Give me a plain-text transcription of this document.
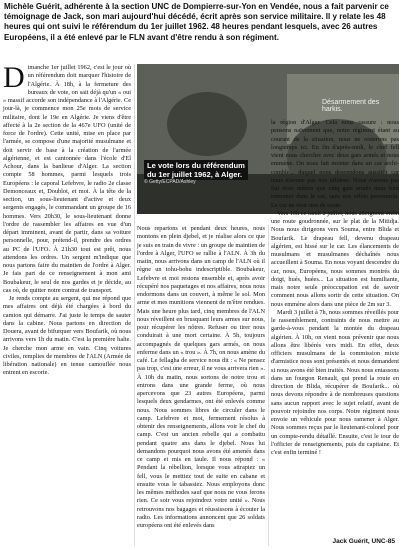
Michèle Guérit, adhérente à la section UNC de Dompierre-sur-Yon en Vendée, nous a fait parvenir ce témoignage de Jack, son mari aujourd'hui décédé, écrit après son service militaire. Il y relate les 48 heures qui ont suivi le référendum du 1er juillet 1962. 48 heures pendant lesquels, avec 26 autres Européens, il a été enlevé par le FLN avant d'être rendu à son régiment.
Désarmement des harkis.
Le vote lors du référendum
du 1er juillet 1962, à Alger.
© Getty/ECPAD/Ashley
D imanche 1er juillet 1962, c'est le jour où un référendum doit marquer l'histoire de l'Algérie. À 18h, à la fermeture des bureaux de vote, on sait déjà qu'un « oui » massif accorde son indépendance à l'Algérie. Ce jour-là, je commence mon 25e mois de service militaire, dont le 19e en Algérie. Je viens d'être affecté à la 2e section de la 467e UFO (unité de force de l'ordre). Cette unité, mise en place par l'armée, se compose d'une majorité musulmane et doit servir de base à la création de l'armée algérienne, et est cantonnée dans l'école d'El Achour, dans la banlieue d'Alger. La section compte 58 hommes, parmi lesquels trois Européens : le caporal Lefebvre, le radio 2e classe Demonceaux et, Doublot, et moi. À la tête de la section, un sous-lieutenant d'active et deux sergents engagés, le commandant un groupe de 16 hommes. Vers 20h30, le sous-lieutenant donne l'ordre de rassembler les affaires en vue d'un départ imminent, avant de partir, dans sa voiture personnelle, pour, prétend-il, prendre des ordres au PC de l'UFO. À 21h30 tout est prêt, nous attendons les ordres. Un sergent m'indique que nous partons faire du maintien de l'ordre à Alger. Je fais part de ce renseignement à mon ami Boubakeur, le seul de nos gardes et je décide, au cas où, de quitter notre contrat de transport.

Je rends compte au sergent, qui me répond que mes affaires ont déjà été chargées à bord du camion qui démarre. J'ai juste le temps de sauter dans la cabine. Nous partons en direction de Douera, avant de bifurquer vers Boufarik, où nous arrivons vers 1h du matin. C'est la première halte. Je cherche mon arme en vain. Cinq voitures civiles, remplies de membres de l'ALN (Armée de libération nationale) en tenue camouflée nous entrent en escorte.

Nous repartons et pendant deux heures, nous montons en plein djebel, et je réalise alors ce que je suis en train de vivre : un groupe de maintien de l'ordre à Alger, l'UFO se rallie à l'ALN. À 3h du matin, nous arrivons dans un camp de l'ALN où il règne un tohu-bohu indescriptible. Boubakeur, Lefebvre et moi restons ensemble et, après avoir récupéré nos paquetages et nos affaires, nous nous endormons dans un couvert, à même le sol. Mon arme et mes munitions viennent de m'être rendues. Mais une heure plus tard, cinq membres de l'ALN nous réveillent en brusquant leurs armes sur nous, pour récupérer les nôtres. Refuser ou tirer nous conduirait à une mort certaine. À 5h, toujours accompagnés de quelques gars armés, on nous enferme dans un « trou ». À 7h, on nous amène du café. Le fellagha de service nous dit : « Ne pensez pas trop, c'est une erreur, il ne vous arrivera rien ». À 10h du matin, nous sortons de notre trou et entrons dans une grande ferme, où nous apercevons que 23 autres Européens, parmi lesquels deux gendarmes, ont été enlevés comme nous. Nous sommes libres de circuler dans le camp. Lefebvre et moi, fermement résolus à obtenir des renseignements, allons voir le chef du camp. C'est un ancien rebelle qui a combattu pendant quatre ans dans le djebel. Nous lui demandons pourquoi nous avons été amenés dans ce camp et mis en taule. Il nous répond : « Pendant la rébellion, lorsque vous attrapiez un fell, vous le mettiez tout de suite en cabane et ensuite vous le tabassiez. Nous employons donc les mêmes méthodes sauf que nous ne vous ferons rien. Ce soir vous rejoindrez votre unité ». Nous retrouvons nos bagages et réussissons à écouter la radio. Les informations annoncent que 26 soldats européens ont été enlevés dans

la région d'Alger. Cela nous rassure : nous pensons naïvement que, notre régiment étant au courant de la situation, nous ne resterons pas longtemps ici. En fin d'après-midi, le chef fell vient nous chercher avec deux gars armés et nous emmène. On nous fait monter dans un car archi-comble... duquel nous descendons aussitôt car nous n'avons pas nos affaires. Nous n'avons pas fait trois mètres que cinq gars armés nous font remonter dans le car, sans nos effets personnels. Le car ne veut rien de route.

Vers 10h ce lundi 2 juillet, nous atteignons enfin une route goudronnée, sur le plat de la Mitidja. Nous nous dirigeons vers Souma, entre Blida et Boufarik. Le drapeau fell, devenu drapeau algérien, est hissé sur le car. Les élancements de musulmans et musulmanes déchaînés nous accueillent à Souma. En nous voyant descendre du car, nous, Européens, nous sommes montrés du doigt, hués, huées... La situation est humiliante, mais notre seule préoccupation est de savoir comment nous allons sortir de cette situation. On nous emmène alors dans une pièce de 2m sur 3.

Mardi 3 juillet à 7h, nous sommes réveillés pour le rassemblement, contraints de nous mettre au garde-à-vous pendant la montée du drapeau algérien. À 10h, on vient nous prévenir que nous allons être libérés vers midi. En effet, deux officiers musulmans de la commission mixte d'armistice nous sont présentés et nous demandent si nous avons été bien traités. Nous nous entassons dans un fourgon Renault, qui prend la route en direction de Blida, récupérer de Boufarik... où nous devons répondre à de nombreuses questions sans aucun rapport avec le sujet relatif, avant de pouvoir rejoindre nos corps. Notre régiment nous envoie un véhicule pour nous ramener à Alger. Nous sommes reçus par le lieutenant-colonel pour un compte-rendu détaillé. Ensuite, c'est le tour de l'officier de renseignements, puis du capitaine. Et c'est enfin terminé !

Jack Guérit, UNC-85
